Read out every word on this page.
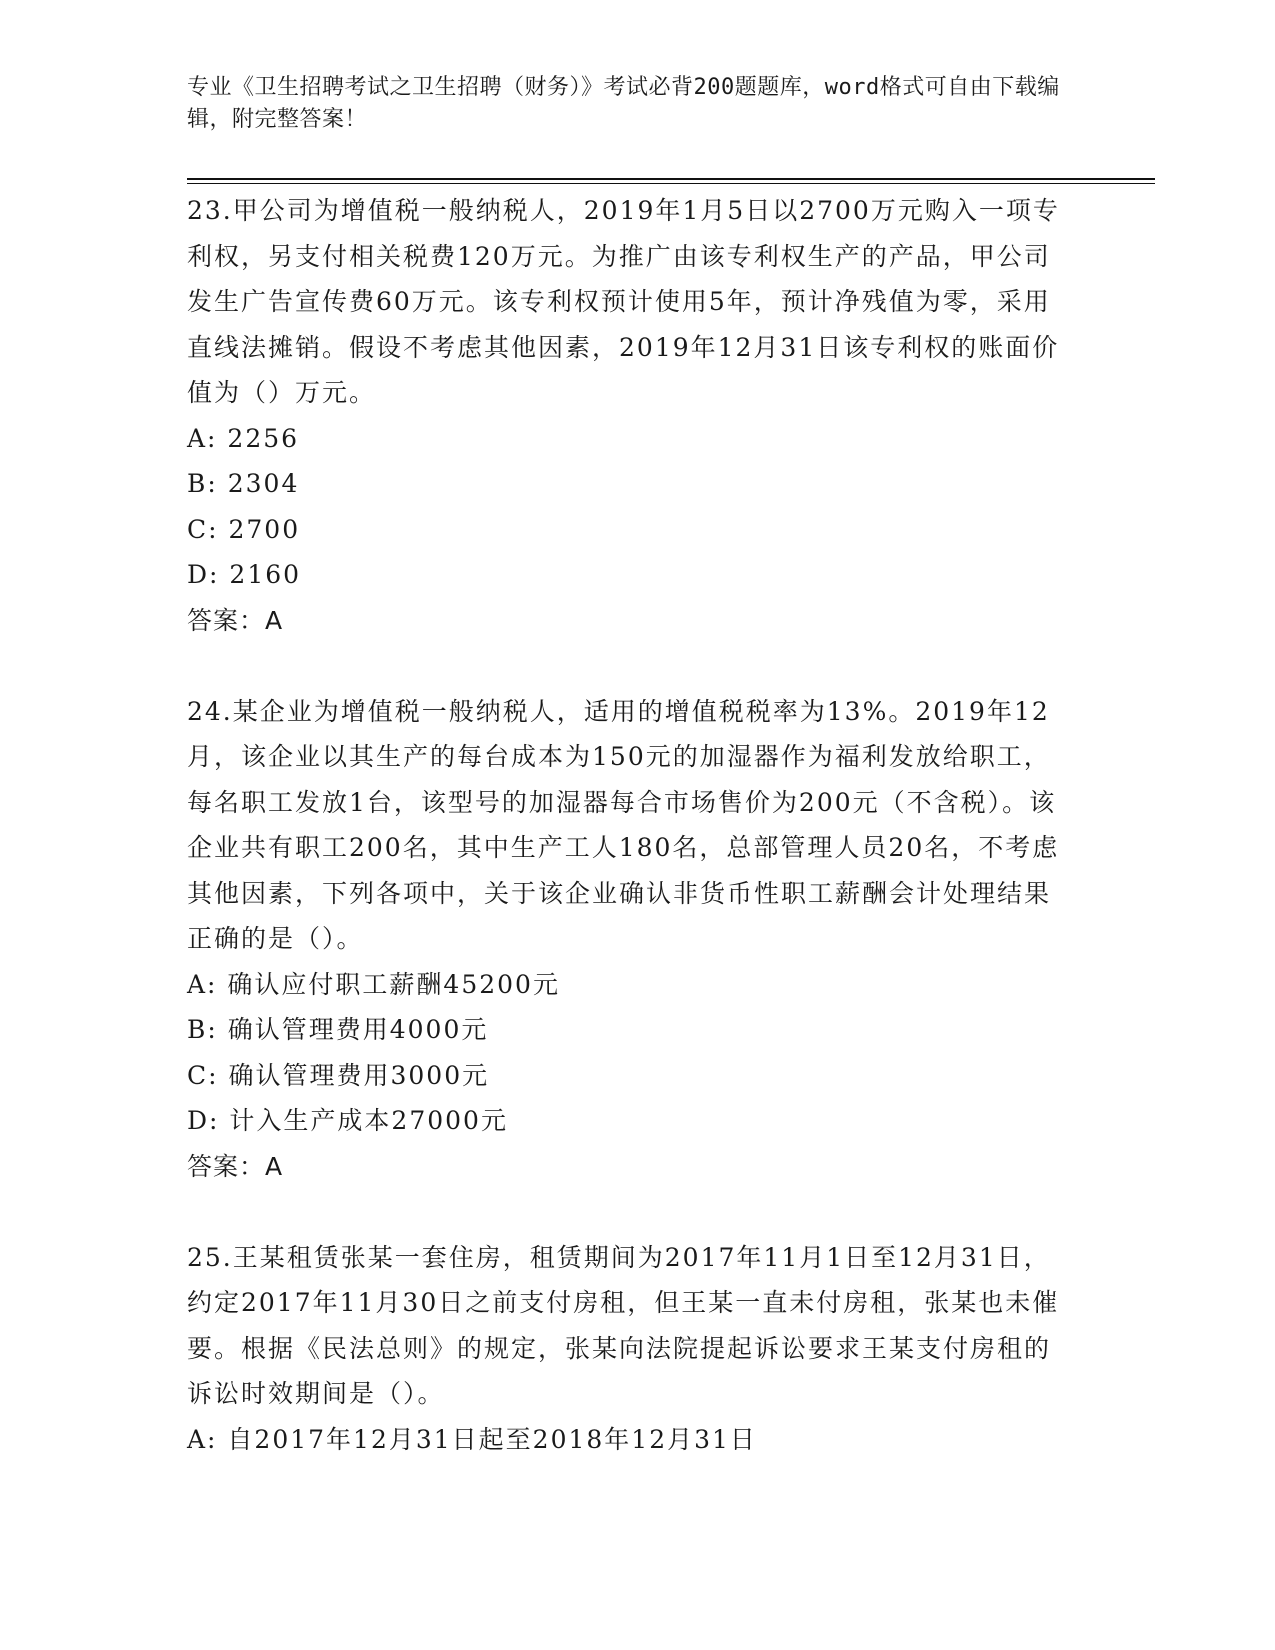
专业《卫生招聘考试之卫生招聘（财务）》考试必背200题题库，word格式可自由下载编辑，附完整答案！

23.甲公司为增值税一般纳税人，2019年1月5日以2700万元购入一项专利权，另支付相关税费120万元。为推广由该专利权生产的产品，甲公司发生广告宣传费60万元。该专利权预计使用5年，预计净残值为零，采用直线法摊销。假设不考虑其他因素，2019年12月31日该专利权的账面价值为（）万元。

A: 2256
B: 2304
C: 2700
D: 2160
答案：A

24.某企业为增值税一般纳税人，适用的增值税税率为13%。2019年12月，该企业以其生产的每台成本为150元的加湿器作为福利发放给职工，每名职工发放1台，该型号的加湿器每合市场售价为200元（不含税）。该企业共有职工200名，其中生产工人180名，总部管理人员20名，不考虑其他因素，下列各项中，关于该企业确认非货币性职工薪酬会计处理结果正确的是（）。

A: 确认应付职工薪酬45200元
B: 确认管理费用4000元
C: 确认管理费用3000元
D: 计入生产成本27000元
答案：A

25.王某租赁张某一套住房，租赁期间为2017年11月1日至12月31日，约定2017年11月30日之前支付房租，但王某一直未付房租，张某也未催要。根据《民法总则》的规定，张某向法院提起诉讼要求王某支付房租的诉讼时效期间是（）。

A: 自2017年12月31日起至2018年12月31日
